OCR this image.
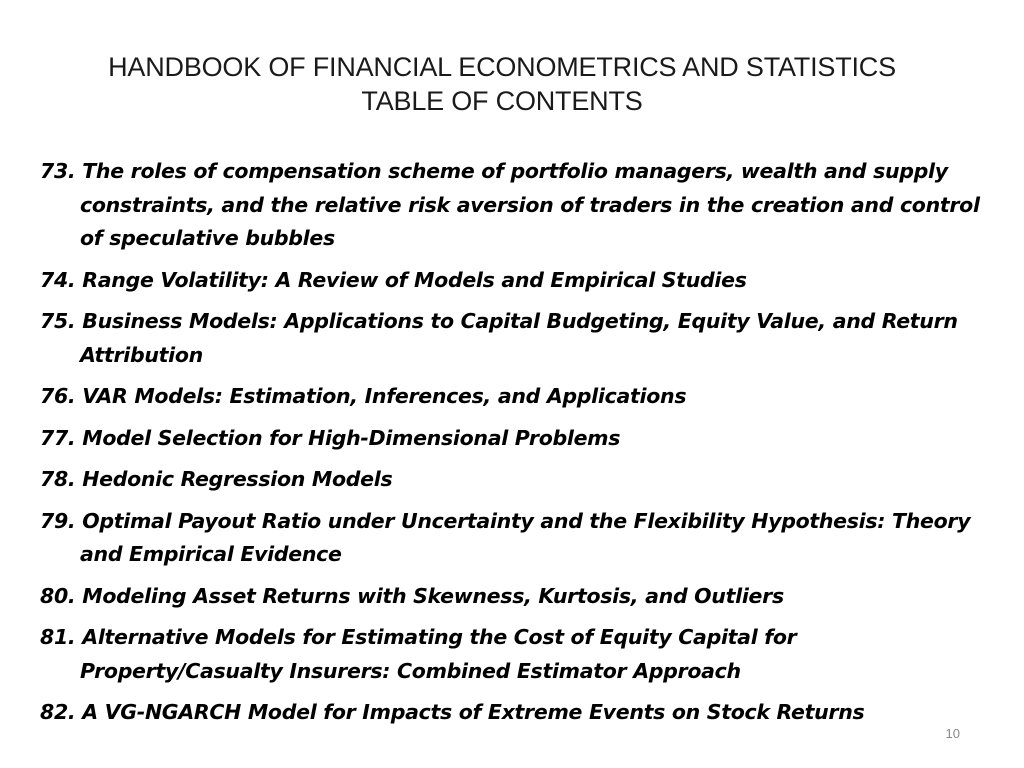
HANDBOOK OF FINANCIAL ECONOMETRICS AND STATISTICS
TABLE OF CONTENTS
73. The roles of compensation scheme of portfolio managers, wealth and supply constraints, and the relative risk aversion of traders in the creation and control of speculative bubbles
74. Range Volatility: A Review of Models and Empirical Studies
75. Business Models: Applications to Capital Budgeting, Equity Value, and Return Attribution
76. VAR Models: Estimation, Inferences, and Applications
77. Model Selection for High-Dimensional Problems
78. Hedonic Regression Models
79. Optimal Payout Ratio under Uncertainty and the Flexibility Hypothesis: Theory and Empirical Evidence
80. Modeling Asset Returns with Skewness, Kurtosis, and Outliers
81. Alternative Models for Estimating the Cost of Equity Capital for Property/Casualty Insurers: Combined Estimator Approach
82. A VG-NGARCH Model for Impacts of Extreme Events on Stock Returns
10
